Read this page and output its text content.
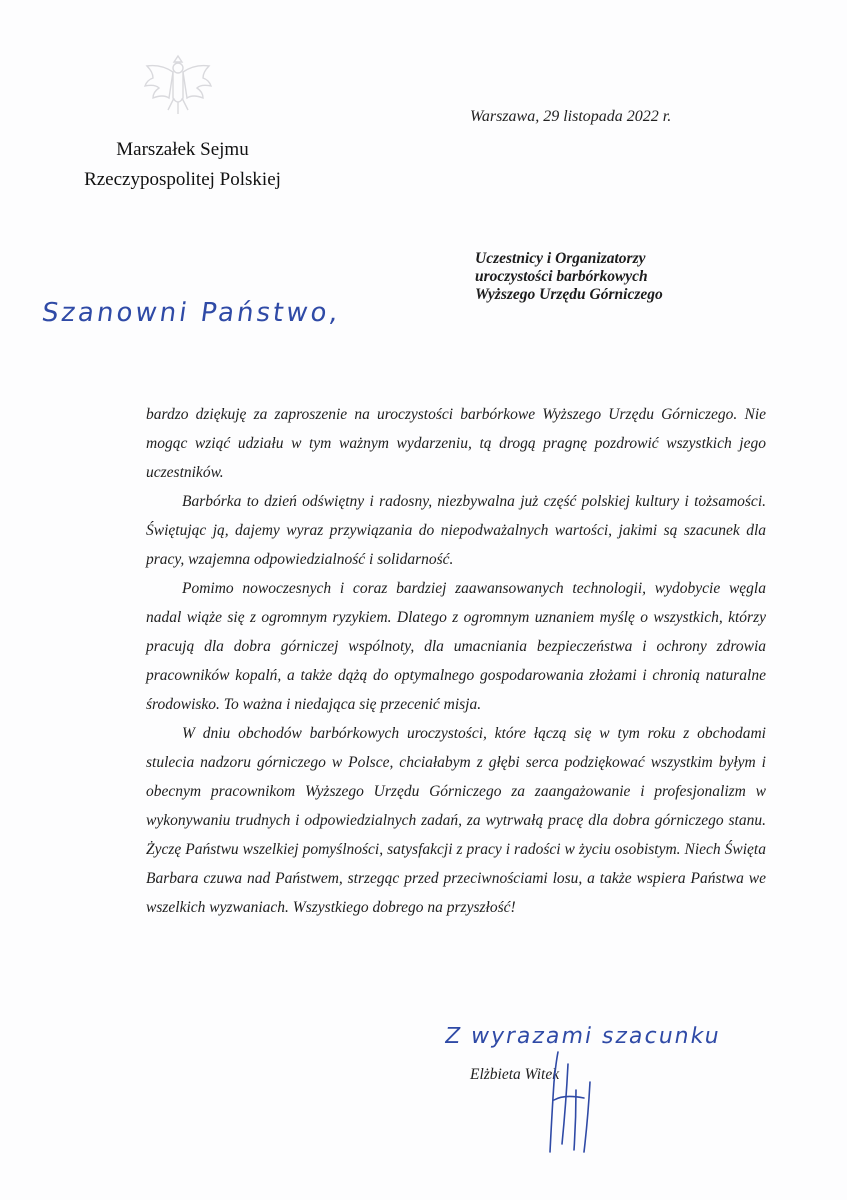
Marszałek Sejmu
Rzeczypospolitej Polskiej
Warszawa, 29 listopada 2022 r.
Uczestnicy i Organizatorzy
uroczystości barbórkowych
Wyższego Urzędu Górniczego
Szanowni Państwo,

bardzo dziękuję za zaproszenie na uroczystości barbórkowe Wyższego Urzędu Górniczego. Nie mogąc wziąć udziału w tym ważnym wydarzeniu, tą drogą pragnę pozdrowić wszystkich jego uczestników.

Barbórka to dzień odświętny i radosny, niezbywalna już część polskiej kultury i tożsamości. Świętując ją, dajemy wyraz przywiązania do niepodważalnych wartości, jakimi są szacunek dla pracy, wzajemna odpowiedzialność i solidarność.

Pomimo nowoczesnych i coraz bardziej zaawansowanych technologii, wydobycie węgla nadal wiąże się z ogromnym ryzykiem. Dlatego z ogromnym uznaniem myślę o wszystkich, którzy pracują dla dobra górniczej wspólnoty, dla umacniania bezpieczeństwa i ochrony zdrowia pracowników kopalń, a także dążą do optymalnego gospodarowania złożami i chronią naturalne środowisko. To ważna i niedająca się przecenić misja.

W dniu obchodów barbórkowych uroczystości, które łączą się w tym roku z obchodami stulecia nadzoru górniczego w Polsce, chciałabym z głębi serca podziękować wszystkim byłym i obecnym pracownikom Wyższego Urzędu Górniczego za zaangażowanie i profesjonalizm w wykonywaniu trudnych i odpowiedzialnych zadań, za wytrwałą pracę dla dobra górniczego stanu. Życzę Państwu wszelkiej pomyślności, satysfakcji z pracy i radości w życiu osobistym. Niech Święta Barbara czuwa nad Państwem, strzegąc przed przeciwnościami losu, a także wspiera Państwa we wszelkich wyzwaniach. Wszystkiego dobrego na przyszłość!

Z wyrazami szacunku
Elżbieta Witek
